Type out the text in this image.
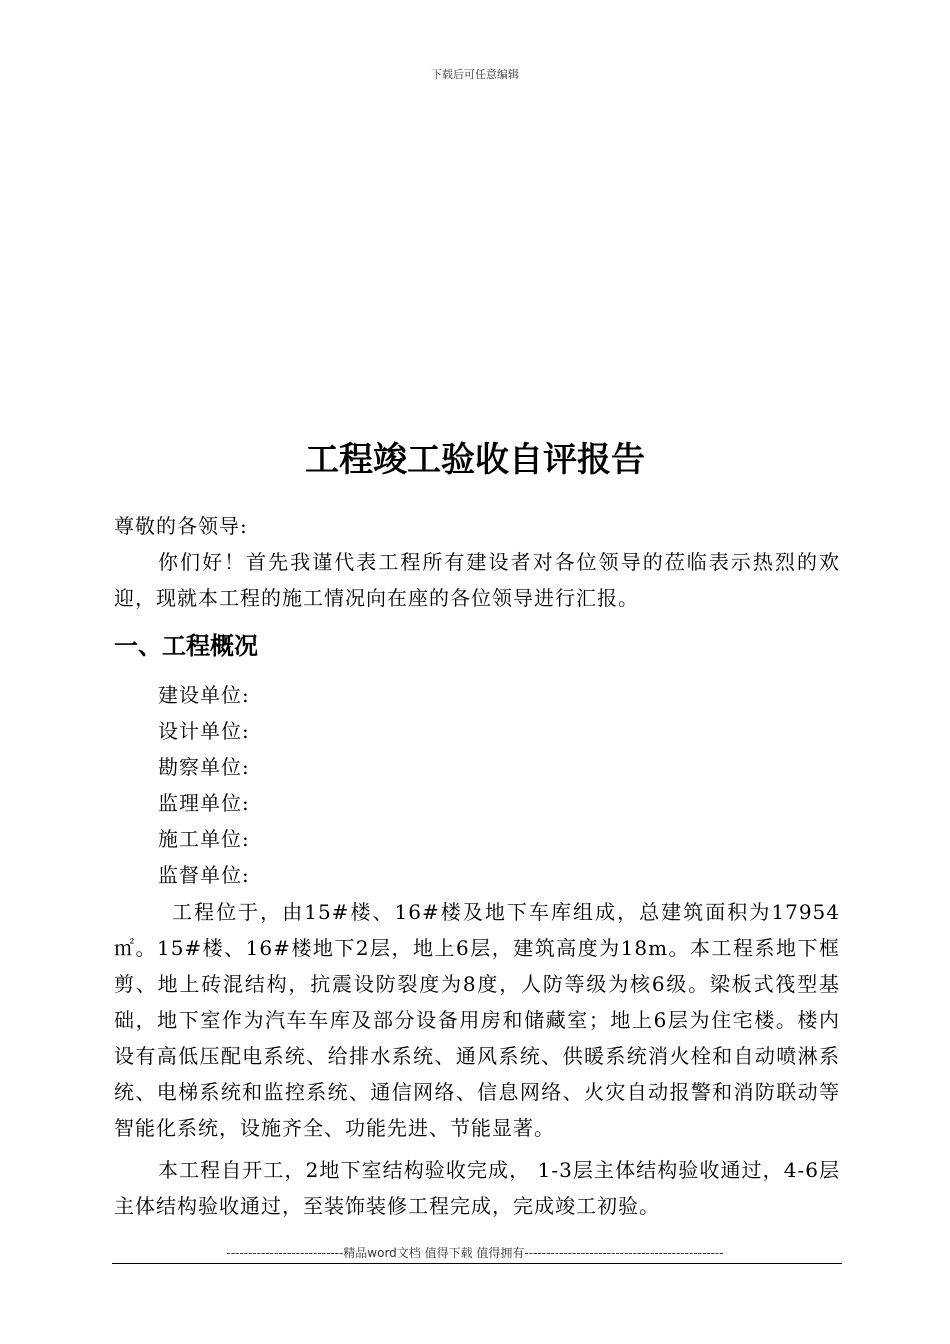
下载后可任意编辑
工程竣工验收自评报告
尊敬的各领导:

你们好！首先我谨代表工程所有建设者对各位领导的莅临表示热烈的欢迎，现就本工程的施工情况向在座的各位领导进行汇报。

一、工程概况
建设单位:
设计单位:
勘察单位:
监理单位:
施工单位:
监督单位:

工程位于，由15#楼、16#楼及地下车库组成，总建筑面积为17954㎡。15#楼、16#楼地下2层，地上6层，建筑高度为18m。本工程系地下框剪、地上砖混结构，抗震设防裂度为8度，人防等级为核6级。梁板式筏型基础，地下室作为汽车车库及部分设备用房和储藏室；地上6层为住宅楼。楼内设有高低压配电系统、给排水系统、通风系统、供暖系统消火栓和自动喷淋系统、电梯系统和监控系统、通信网络、信息网络、火灾自动报警和消防联动等智能化系统，设施齐全、功能先进、节能显著。

本工程自开工，2地下室结构验收完成， 1-3层主体结构验收通过，4-6层主体结构验收通过，至装饰装修工程完成，完成竣工初验。

---------------------------精品word文档 值得下载 值得拥有----------------------------------------------
